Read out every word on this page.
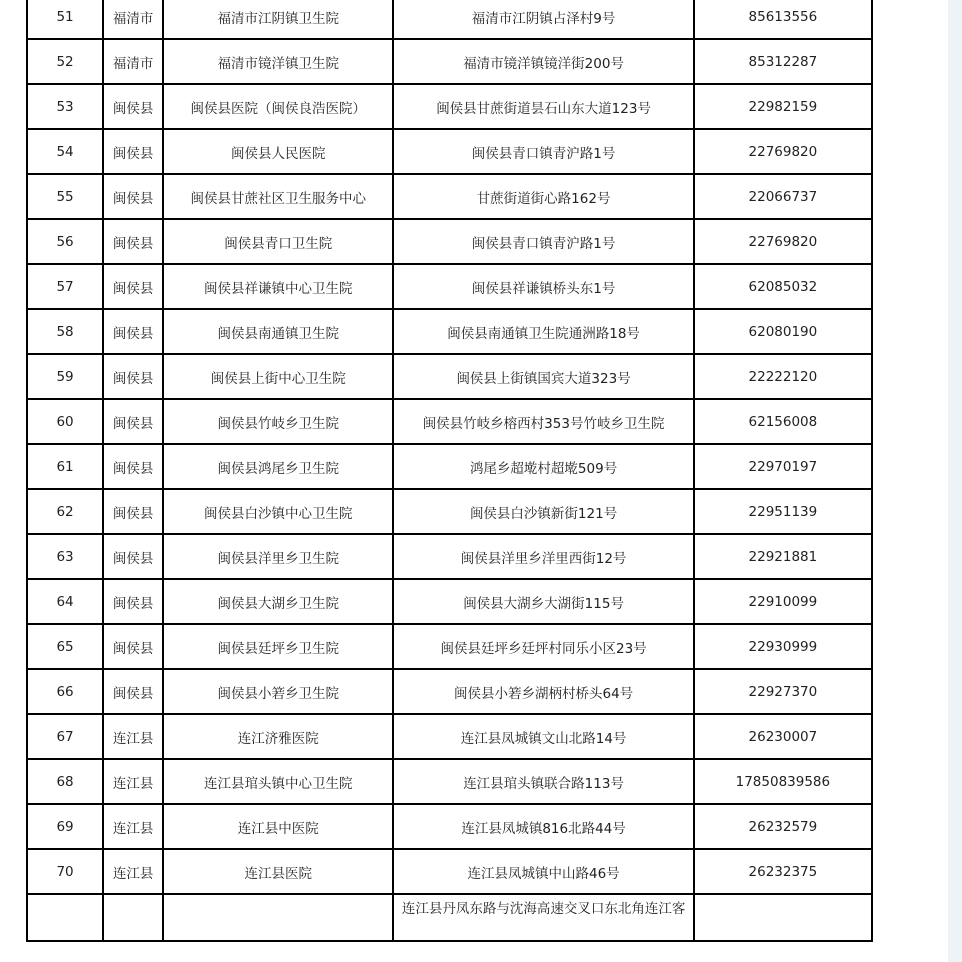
51	福清市	福清市江阴镇卫生院	福清市江阴镇占泽村9号	85613556
52	福清市	福清市镜洋镇卫生院	福清市镜洋镇镜洋街200号	85312287
53	闽侯县	闽侯县医院（闽侯良浩医院）	闽侯县甘蔗街道昙石山东大道123号	22982159
54	闽侯县	闽侯县人民医院	闽侯县青口镇青沪路1号	22769820
55	闽侯县	闽侯县甘蔗社区卫生服务中心	甘蔗街道街心路162号	22066737
56	闽侯县	闽侯县青口卫生院	闽侯县青口镇青沪路1号	22769820
57	闽侯县	闽侯县祥谦镇中心卫生院	闽侯县祥谦镇桥头东1号	62085032
58	闽侯县	闽侯县南通镇卫生院	闽侯县南通镇卫生院通洲路18号	62080190
59	闽侯县	闽侯县上街中心卫生院	闽侯县上街镇国宾大道323号	22222120
60	闽侯县	闽侯县竹岐乡卫生院	闽侯县竹岐乡榕西村353号竹岐乡卫生院	62156008
61	闽侯县	闽侯县鸿尾乡卫生院	鸿尾乡超墘村超墘509号	22970197
62	闽侯县	闽侯县白沙镇中心卫生院	闽侯县白沙镇新街121号	22951139
63	闽侯县	闽侯县洋里乡卫生院	闽侯县洋里乡洋里西街12号	22921881
64	闽侯县	闽侯县大湖乡卫生院	闽侯县大湖乡大湖街115号	22910099
65	闽侯县	闽侯县廷坪乡卫生院	闽侯县廷坪乡廷坪村同乐小区23号	22930999
66	闽侯县	闽侯县小箬乡卫生院	闽侯县小箬乡湖柄村桥头64号	22927370
67	连江县	连江济雅医院	连江县凤城镇文山北路14号	26230007
68	连江县	连江县琯头镇中心卫生院	连江县琯头镇联合路113号	17850839586
69	连江县	连江县中医院	连江县凤城镇816北路44号	26232579
70	连江县	连江县医院	连江县凤城镇中山路46号	26232375
			连江县丹凤东路与沈海高速交叉口东北角连江客	
